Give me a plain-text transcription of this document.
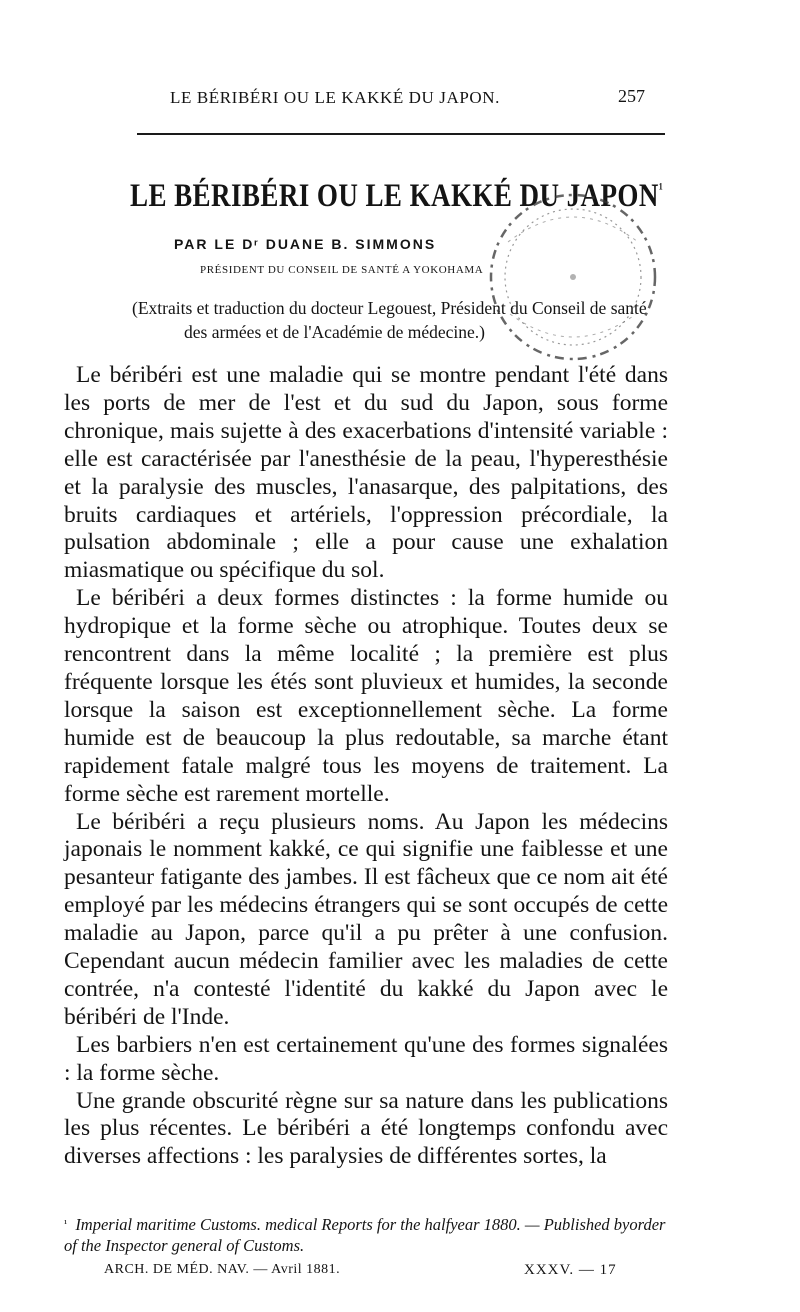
LE BÉRIBÉRI OU LE KAKKÉ DU JAPON.	257
LE BÉRIBÉRI OU LE KAKKÉ DU $JAPON^{^1}$
PAR LE Dʳ DUANE B. SIMMONS
PRÉSIDENT DU CONSEIL DE SANTÉ A YOKOHAMA
(Extraits et traduction du docteur Legouest, Président du Conseil de santé
des armées et de l'Académie de médecine.)

Le béribéri est une maladie qui se montre pendant l'été dans les ports de mer de l'est et du sud du Japon, sous forme chronique, mais sujette à des exacerbations d'intensité variable : elle est caractérisée par l'anesthésie de la peau, l'hyperesthésie et la paralysie des muscles, l'anasarque, des palpitations, des bruits cardiaques et artériels, l'oppression précordiale, la pulsation abdominale ; elle a pour cause une exhalation miasmatique ou spécifique du sol.

Le béribéri a deux formes distinctes : la forme humide ou hydropique et la forme sèche ou atrophique. Toutes deux se rencontrent dans la même localité ; la première est plus fréquente lorsque les étés sont pluvieux et humides, la seconde lorsque la saison est exceptionnellement sèche. La forme humide est de beaucoup la plus redoutable, sa marche étant rapidement fatale malgré tous les moyens de traitement. La forme sèche est rarement mortelle.

Le béribéri a reçu plusieurs noms. Au Japon les médecins japonais le nomment kakké, ce qui signifie une faiblesse et une pesanteur fatigante des jambes. Il est fâcheux que ce nom ait été employé par les médecins étrangers qui se sont occupés de cette maladie au Japon, parce qu'il a pu prêter à une confusion. Cependant aucun médecin familier avec les maladies de cette contrée, n'a contesté l'identité du kakké du Japon avec le béribéri de l'Inde.

Les barbiers n'en est certainement qu'une des formes signalées : la forme sèche.

Une grande obscurité règne sur sa nature dans les publications les plus récentes. Le béribéri a été longtemps confondu avec diverses affections : les paralysies de différentes sortes, la

$^{^1}$ Imperial maritime Customs. medical Reports for the halfyear 1880. — Published byorder of the Inspector general of Customs.
ARCH. DE MÉD. NAV. — Avril 1881.	XXXV. — 17
